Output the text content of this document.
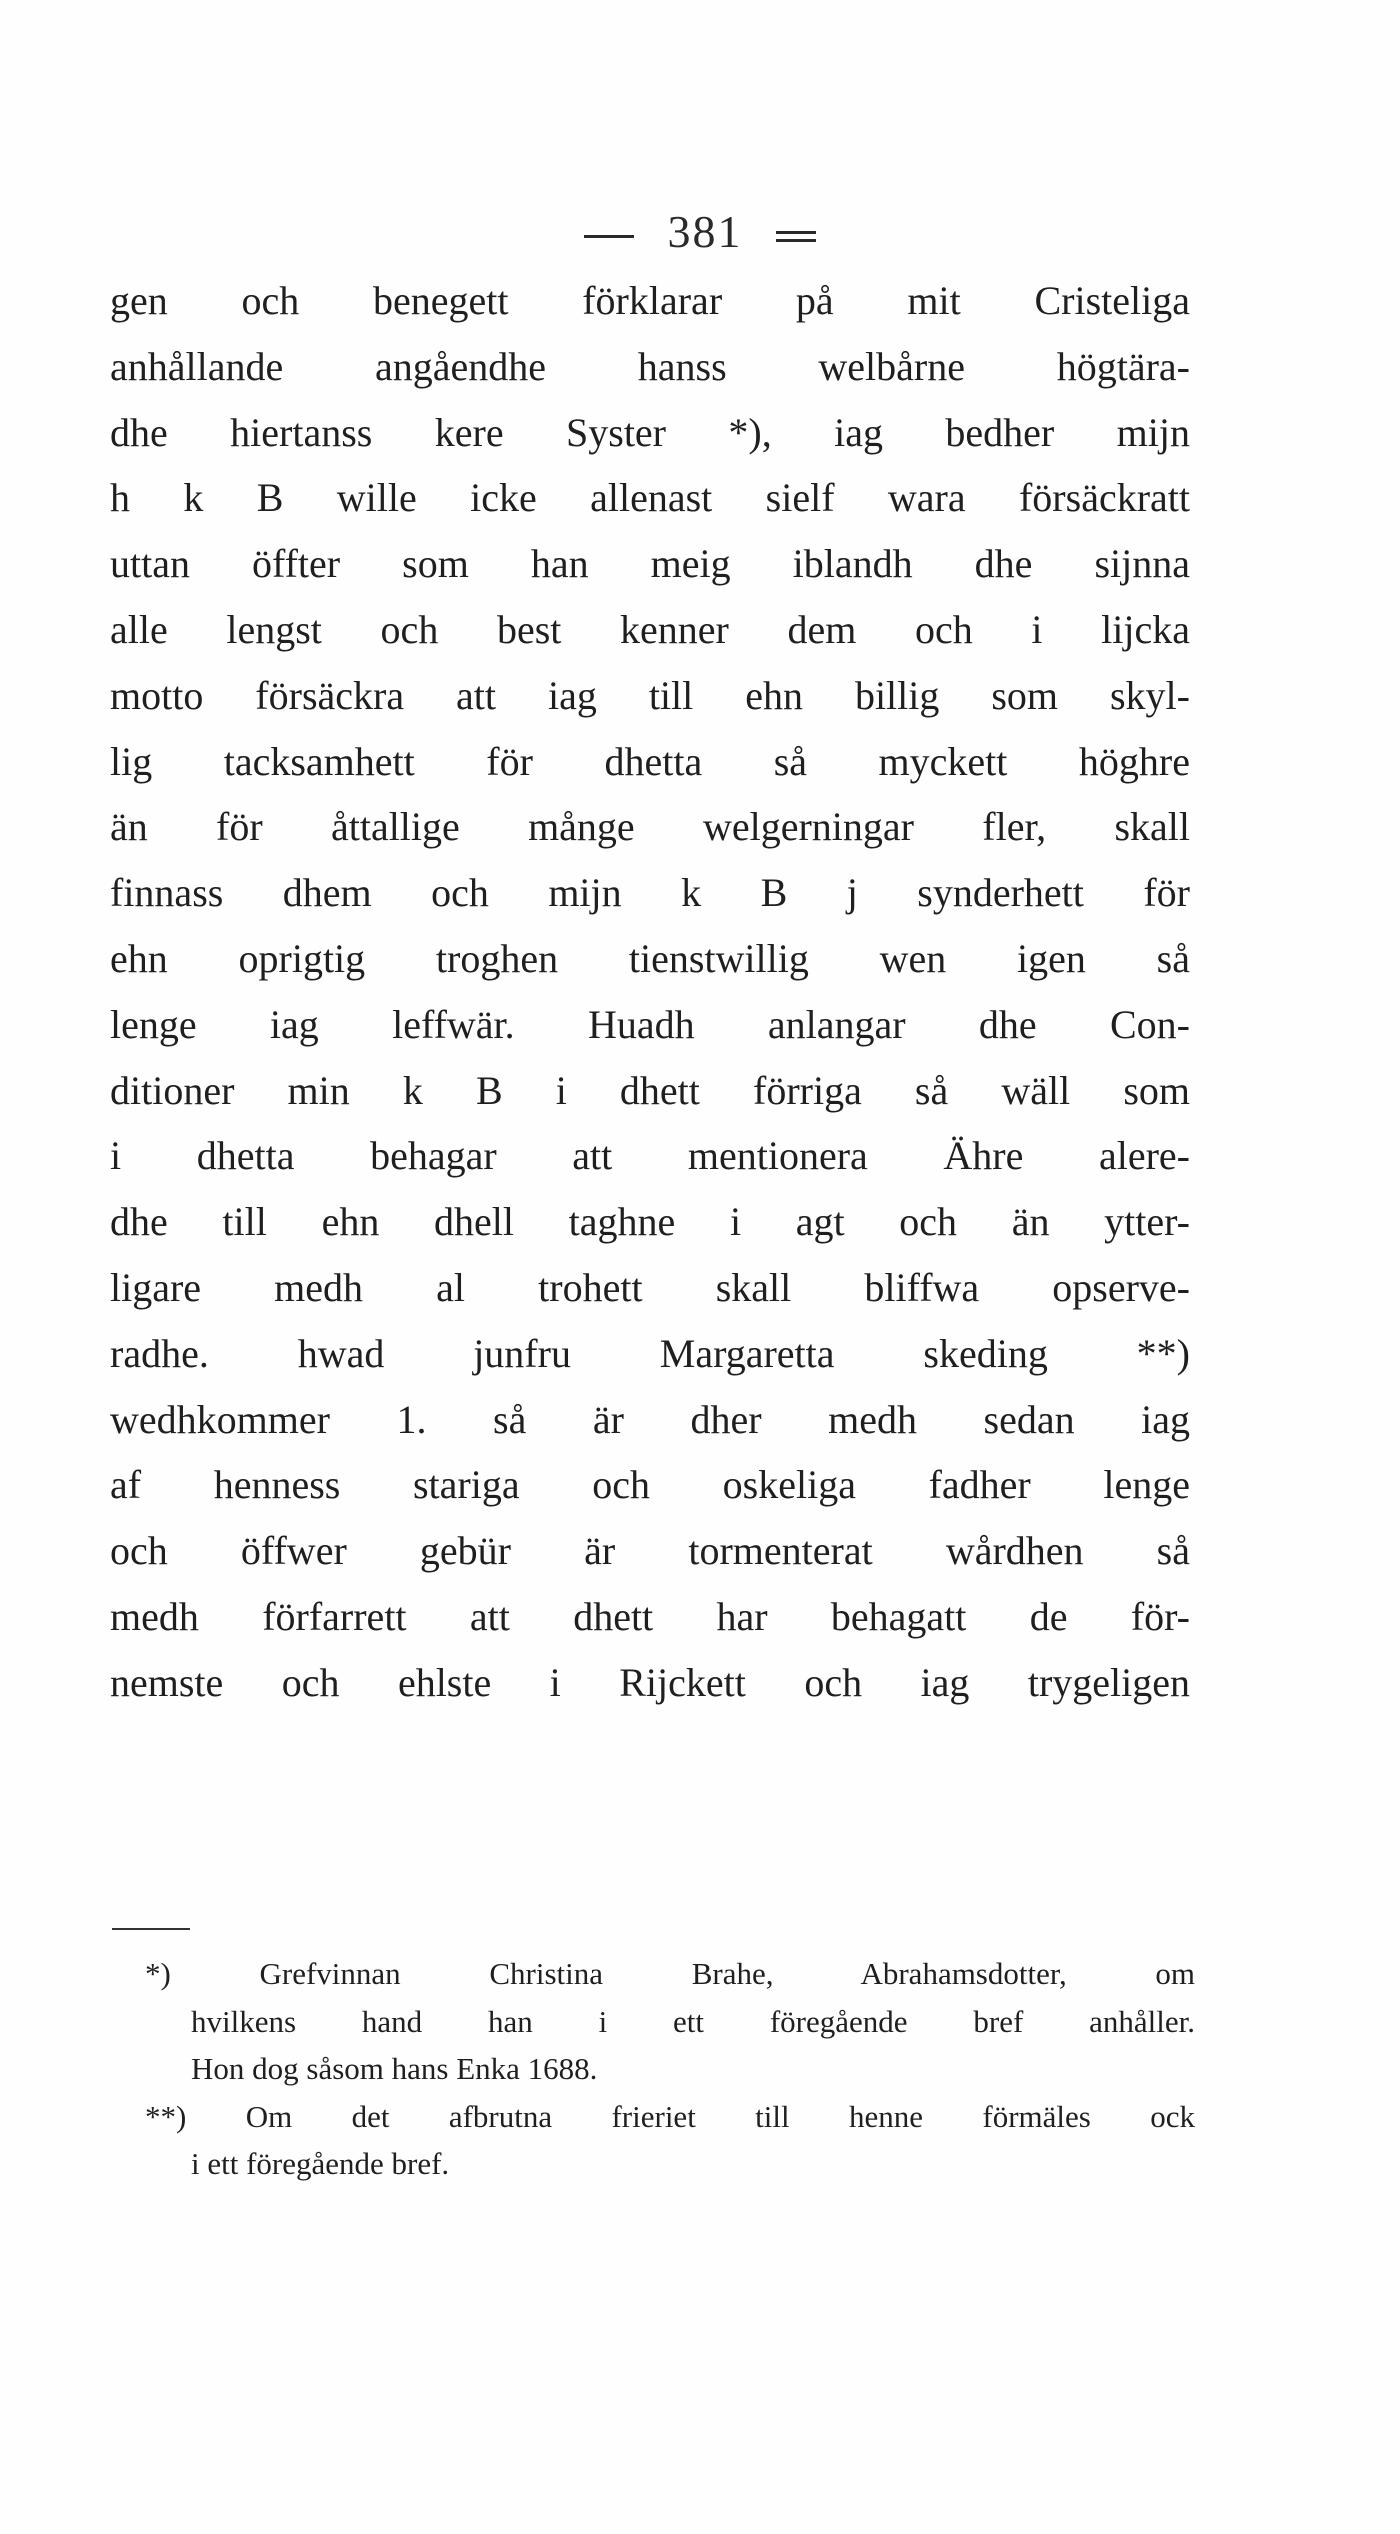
381
gen och benegett förklarar på mit Cristeliga
anhållande angåendhe hanss welbårne högtära-
dhe hiertanss kere Syster *), iag bedher mijn
h k B wille icke allenast sielf wara försäckratt
uttan öffter som han meig iblandh dhe sijnna
alle lengst och best kenner dem och i lijcka
motto försäckra att iag till ehn billig som skyl-
lig tacksamhett för dhetta så myckett höghre
än för åttallige månge welgerningar fler, skall
finnass dhem och mijn k B j synderhett för
ehn oprigtig troghen tienstwillig wen igen så
lenge iag leffwär. Huadh anlangar dhe Con-
ditioner min k B i dhett förriga så wäll som
i dhetta behagar att mentionera Ähre alere-
dhe till ehn dhell taghne i agt och än ytter-
ligare medh al trohett skall bliffwa opserve-
radhe. hwad junfru Margaretta skeding **)
wedhkommer 1. så är dher medh sedan iag
af henness stariga och oskeliga fadher lenge
och öffwer gebür är tormenterat wårdhen så
medh förfarrett att dhett har behagatt de för-
nemste och ehlste i Rijckett och iag trygeligen
*) Grefvinnan Christina Brahe, Abrahamsdotter, om
hvilkens hand han i ett föregående bref anhåller.
Hon dog såsom hans Enka 1688.
**) Om det afbrutna frieriet till henne förmäles ock
i ett föregående bref.
